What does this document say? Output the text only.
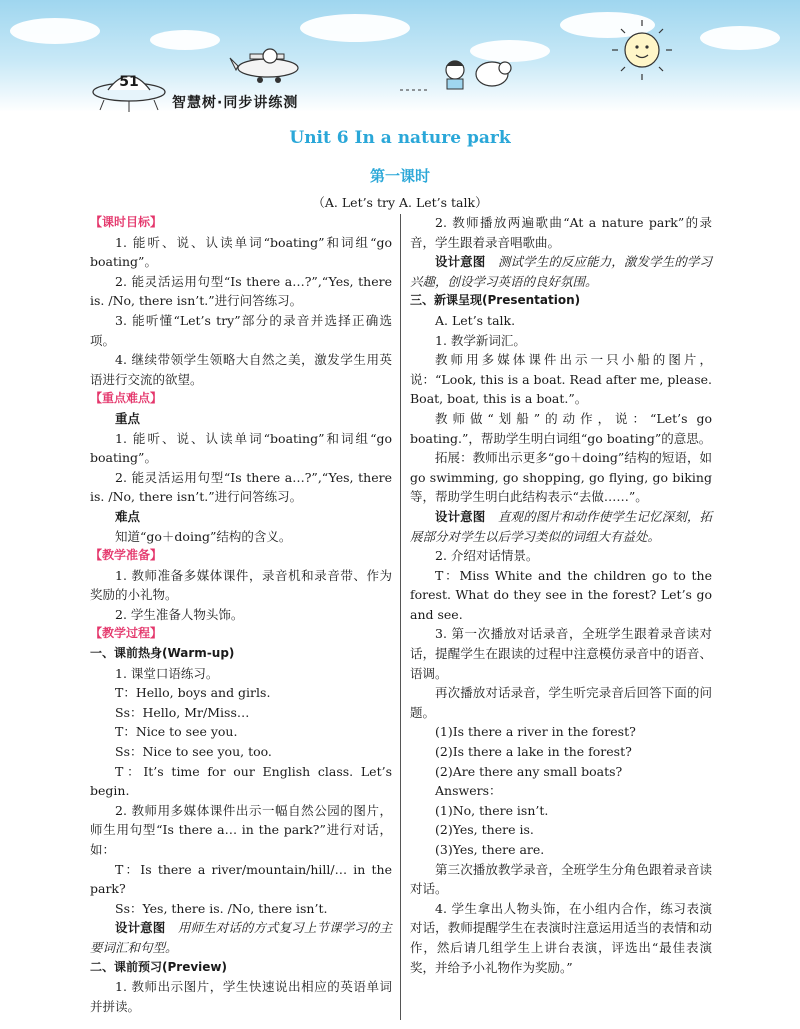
51
智慧树·同步讲练测
Unit 6 In a nature park
第一课时
（A. Let’s try A. Let’s talk）

【课时目标】

1. 能听、说、认读单词“boating”和词组“go boating”。

2. 能灵活运用句型“Is there a…?”,“Yes, there is. /No, there isn’t.”进行问答练习。

3. 能听懂“Let’s try”部分的录音并选择正确选项。

4. 继续带领学生领略大自然之美，激发学生用英语进行交流的欲望。

【重点难点】

重点

1. 能听、说、认读单词“boating”和词组“go boating”。

2. 能灵活运用句型“Is there a…?”,“Yes, there is. /No, there isn’t.”进行问答练习。

难点

知道“go＋doing”结构的含义。

【教学准备】

1. 教师准备多媒体课件，录音机和录音带、作为奖励的小礼物。

2. 学生准备人物头饰。

【教学过程】

一、课前热身(Warm-up)

1. 课堂口语练习。

T：Hello, boys and girls.

Ss：Hello, Mr/Miss…

T：Nice to see you.

Ss：Nice to see you, too.

T：It’s time for our English class. Let’s begin.

2. 教师用多媒体课件出示一幅自然公园的图片，师生用句型“Is there a… in the park?”进行对话，如：

T：Is there a river/mountain/hill/… in the park?

Ss：Yes, there is. /No, there isn’t.

设计意图　 用师生对话的方式复习上节课学习的主要词汇和句型。

二、课前预习(Preview)

1. 教师出示图片，学生快速说出相应的英语单词并拼读。

2. 教师播放两遍歌曲“At a nature park”的录音，学生跟着录音唱歌曲。

设计意图　 测试学生的反应能力，激发学生的学习兴趣，创设学习英语的良好氛围。

三、新课呈现(Presentation)

A. Let’s talk.

1. 教学新词汇。

教师用多媒体课件出示一只小船的图片，说：“Look, this is a boat. Read after me, please. Boat, boat, this is a boat.”。

教师做“划船”的动作，说：“Let’s go boating.”，帮助学生明白词组“go boating”的意思。

拓展：教师出示更多“go＋doing”结构的短语，如 go swimming, go shopping, go flying, go biking 等，帮助学生明白此结构表示“去做……”。

设计意图　 直观的图片和动作使学生记忆深刻，拓展部分对学生以后学习类似的词组大有益处。

2. 介绍对话情景。

T：Miss White and the children go to the forest. What do they see in the forest? Let’s go and see.

3. 第一次播放对话录音，全班学生跟着录音读对话，提醒学生在跟读的过程中注意模仿录音中的语音、语调。

再次播放对话录音，学生听完录音后回答下面的问题。

(1)Is there a river in the forest?

(2)Is there a lake in the forest?

(2)Are there any small boats?

Answers：

(1)No, there isn’t.

(2)Yes, there is.

(3)Yes, there are.

第三次播放教学录音，全班学生分角色跟着录音读对话。

4. 学生拿出人物头饰，在小组内合作，练习表演对话，教师提醒学生在表演时注意运用适当的表情和动作，然后请几组学生上讲台表演，评选出“最佳表演奖，并给予小礼物作为奖励。”
